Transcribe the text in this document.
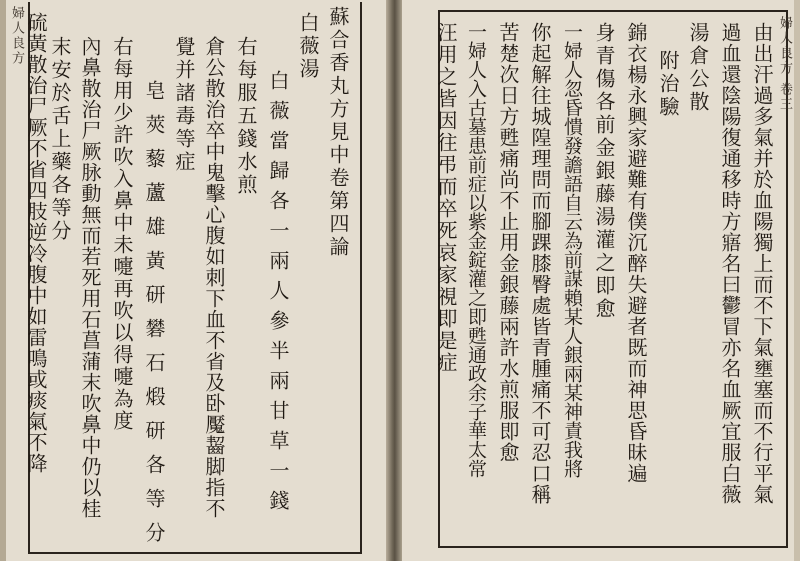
婦人良方	蘇合香丸方見中卷第四論
白薇湯
白薇當歸各一兩人參半兩甘草一錢
右每服五錢水煎
倉公散治卒中鬼擊心腹如刺下血不省及卧魘齧脚指不
覺并諸毒等症
皂莢藜蘆雄黃研礬石煅研各等分
右每用少許吹入鼻中未嚏再吹以得嚏為度
內鼻散治尸厥脉動無而若死用石菖蒲末吹鼻中仍以桂
末安於舌上藥各等分
硫黃散治尸厥不省四肢逆冷腹中如雷鳴或痰氣不降	婦人良方 卷三
由出汗過多氣并於血陽獨上而不下氣壅塞而不行平氣
過血還陰陽復通移時方寤名曰鬱冒亦名血厥宜服白薇
湯倉公散
附治驗
錦衣楊永興家避難有僕沉醉失避者既而神思昏昧遍
身青傷各前金銀藤湯灌之即愈
一婦人忽昏憒發譫語自云為前謀賴某人銀兩某神責我將
你起解往城隍理問而腳踝膝臀處皆青腫痛不可忍口稱
苦楚次日方甦痛尚不止用金銀藤兩許水煎服即愈
一婦人入古墓患前症以紫金錠灌之即甦通政余子華太常
汪用之皆因往弔而卒死哀家視即是症
